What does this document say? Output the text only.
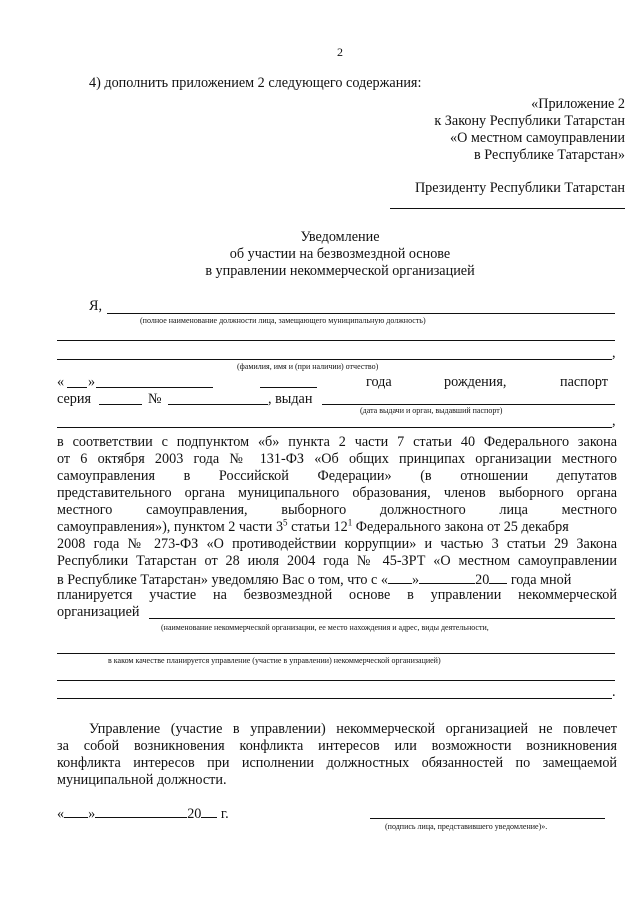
2
4) дополнить приложением 2 следующего содержания:
«Приложение 2
к Закону Республики Татарстан
«О местном самоуправлении
в Республике Татарстан»
Президенту Республики Татарстан
Уведомление
об участии на безвозмездной основе
в управлении некоммерческой организацией
Я,
(полное наименование должности лица, замещающего муниципальную должность)
,
(фамилия, имя и (при наличии) отчество)
« »	года	рождения,	паспорт
серия	№	, выдан
(дата выдачи и орган, выдавший паспорт)
,
в соответствии с подпунктом «б» пункта 2 части 7 статьи 40 Федерального закона
от 6 октября 2003 года № 131-ФЗ «Об общих принципах организации местного
самоуправления в Российской Федерации» (в отношении депутатов
представительного органа муниципального образования, членов выборного органа
местного самоуправления, выборного должностного лица местного
самоуправления»), пунктом 2 части $3^5$ статьи $12^1$ Федерального закона от 25 декабря
2008 года № 273-ФЗ «О противодействии коррупции» и частью 3 статьи 29 Закона
Республики Татарстан от 28 июля 2004 года № 45-ЗРТ «О местном самоуправлении
в Республике Татарстан» уведомляю Вас о том, что с « »	20 года мной
планируется участие на безвозмездной основе в управлении некоммерческой
организацией
(наименование некоммерческой организации, ее место нахождения и адрес, виды деятельности,
в каком качестве планируется управление (участие в управлении) некоммерческой организацией)
.
Управление (участие в управлении) некоммерческой организацией не повлечет
за собой возникновения конфликта интересов или возможности возникновения
конфликта интересов при исполнении должностных обязанностей по замещаемой
муниципальной должности.
« »	20 г.
(подпись лица, представившего уведомление)».
